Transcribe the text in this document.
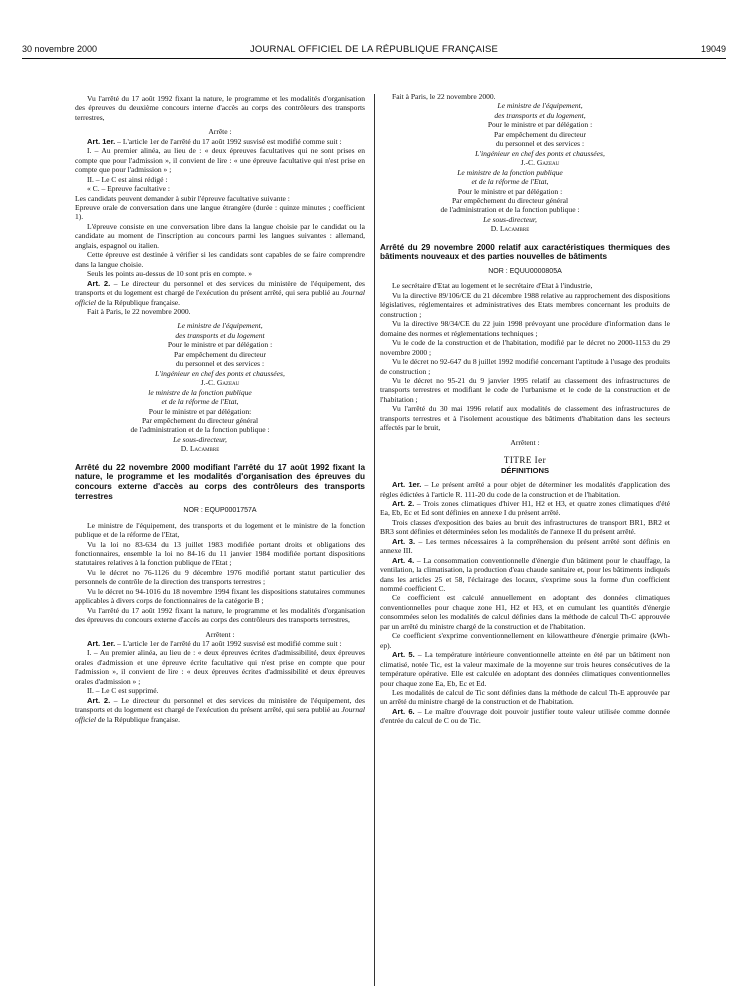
30 novembre 2000	JOURNAL OFFICIEL DE LA RÉPUBLIQUE FRANÇAISE	19049

Vu l'arrêté du 17 août 1992 fixant la nature, le programme et les modalités d'organisation des épreuves du deuxième concours interne d'accès au corps des contrôleurs des transports terrestres,

Arrête :

Art. 1er. – L'article 1er de l'arrêté du 17 août 1992 susvisé est modifié comme suit :

I. – Au premier alinéa, au lieu de : « deux épreuves facultatives qui ne sont prises en compte que pour l'admission », il convient de lire : « une épreuve facultative qui n'est prise en compte que pour l'admission » ;

II. – Le C est ainsi rédigé :

« C. – Epreuve facultative :

Les candidats peuvent demander à subir l'épreuve facultative suivante :

Epreuve orale de conversation dans une langue étrangère (durée : quinze minutes ; coefficient 1).

L'épreuve consiste en une conversation libre dans la langue choisie par le candidat ou la candidate au moment de l'inscription au concours parmi les langues suivantes : allemand, anglais, espagnol ou italien.

Cette épreuve est destinée à vérifier si les candidats sont capables de se faire comprendre dans la langue choisie.

Seuls les points au-dessus de 10 sont pris en compte. »

Art. 2. – Le directeur du personnel et des services du ministère de l'équipement, des transports et du logement est chargé de l'exécution du présent arrêté, qui sera publié au Journal officiel de la République française.

Fait à Paris, le 22 novembre 2000.

Le ministre de l'équipement,

des transports et du logement

Pour le ministre et par délégation :

Par empêchement du directeur

du personnel et des services :

L'ingénieur en chef des ponts et chaussées,

J.-C. Gazeau

le ministre de la fonction publique

et de la réforme de l'Etat,

Pour le ministre et par délégation:

Par empêchement du directeur général

de l'administration et de la fonction publique :

Le sous-directeur,

D. Lacambre

Arrêté du 22 novembre 2000 modifiant l'arrêté du 17 août 1992 fixant la nature, le programme et les modalités d'organisation des épreuves du concours externe d'accès au corps des contrôleurs des transports terrestres

NOR : EQUP0001757A

Le ministre de l'équipement, des transports et du logement et le ministre de la fonction publique et de la réforme de l'Etat,

Vu la loi no 83-634 du 13 juillet 1983 modifiée portant droits et obligations des fonctionnaires, ensemble la loi no 84-16 du 11 janvier 1984 modifiée portant dispositions statutaires relatives à la fonction publique de l'Etat ;

Vu le décret no 76-1126 du 9 décembre 1976 modifié portant statut particulier des personnels de contrôle de la direction des transports terrestres ;

Vu le décret no 94-1016 du 18 novembre 1994 fixant les dispositions statutaires communes applicables à divers corps de fonctionnaires de la catégorie B ;

Vu l'arrêté du 17 août 1992 fixant la nature, le programme et les modalités d'organisation des épreuves du concours externe d'accès au corps des contrôleurs des transports terrestres,

Arrêtent :

Art. 1er. – L'article 1er de l'arrêté du 17 août 1992 susvisé est modifié comme suit :

I. – Au premier alinéa, au lieu de : « deux épreuves écrites d'admissibilité, deux épreuves orales d'admission et une épreuve écrite facultative qui n'est prise en compte que pour l'admission », il convient de lire : « deux épreuves écrites d'admissibilité et deux épreuves orales d'admission » ;

II. – Le C est supprimé.

Art. 2. – Le directeur du personnel et des services du ministère de l'équipement, des transports et du logement est chargé de l'exécution du présent arrêté, qui sera publié au Journal officiel de la République française.

Fait à Paris, le 22 novembre 2000.

Le ministre de l'équipement,

des transports et du logement,

Pour le ministre et par délégation :

Par empêchement du directeur

du personnel et des services :

L'ingénieur en chef des ponts et chaussées,

J.-C. Gazeau

Le ministre de la fonction publique

et de la réforme de l'Etat,

Pour le ministre et par délégation :

Par empêchement du directeur général

de l'administration et de la fonction publique :

Le sous-directeur,

D. Lacambre

Arrêté du 29 novembre 2000 relatif aux caractéristiques thermiques des bâtiments nouveaux et des parties nouvelles de bâtiments

NOR : EQUU0000805A

Le secrétaire d'Etat au logement et le secrétaire d'Etat à l'industrie,

Vu la directive 89/106/CE du 21 décembre 1988 relative au rapprochement des dispositions législatives, réglementaires et administratives des Etats membres concernant les produits de construction ;

Vu la directive 98/34/CE du 22 juin 1998 prévoyant une procédure d'information dans le domaine des normes et réglementations techniques ;

Vu le code de la construction et de l'habitation, modifié par le décret no 2000-1153 du 29 novembre 2000 ;

Vu le décret no 92-647 du 8 juillet 1992 modifié concernant l'aptitude à l'usage des produits de construction ;

Vu le décret no 95-21 du 9 janvier 1995 relatif au classement des infrastructures de transports terrestres et modifiant le code de l'urbanisme et le code de la construction et de l'habitation ;

Vu l'arrêté du 30 mai 1996 relatif aux modalités de classement des infrastructures de transports terrestres et à l'isolement acoustique des bâtiments d'habitation dans les secteurs affectés par le bruit,

Arrêtent :

TITRE Ier

DÉFINITIONS

Art. 1er. – Le présent arrêté a pour objet de déterminer les modalités d'application des règles édictées à l'article R. 111-20 du code de la construction et de l'habitation.

Art. 2. – Trois zones climatiques d'hiver H1, H2 et H3, et quatre zones climatiques d'été Ea, Eb, Ec et Ed sont définies en annexe I du présent arrêté.

Trois classes d'exposition des baies au bruit des infrastructures de transport BR1, BR2 et BR3 sont définies et déterminées selon les modalités de l'annexe II du présent arrêté.

Art. 3. – Les termes nécessaires à la compréhension du présent arrêté sont définis en annexe III.

Art. 4. – La consommation conventionnelle d'énergie d'un bâtiment pour le chauffage, la ventilation, la climatisation, la production d'eau chaude sanitaire et, pour les bâtiments indiqués dans les articles 25 et 58, l'éclairage des locaux, s'exprime sous la forme d'un coefficient nommé coefficient C.

Ce coefficient est calculé annuellement en adoptant des données climatiques conventionnelles pour chaque zone H1, H2 et H3, et en cumulant les quantités d'énergie consommées selon les modalités de calcul définies dans la méthode de calcul Th-C approuvée par un arrêté du ministre chargé de la construction et de l'habitation.

Ce coefficient s'exprime conventionnellement en kilowattheure d'énergie primaire (kWh-ep).

Art. 5. – La température intérieure conventionnelle atteinte en été par un bâtiment non climatisé, notée Tic, est la valeur maximale de la moyenne sur trois heures consécutives de la température opérative. Elle est calculée en adoptant des données climatiques conventionnelles pour chaque zone Ea, Eb, Ec et Ed.

Les modalités de calcul de Tic sont définies dans la méthode de calcul Th-E approuvée par un arrêté du ministre chargé de la construction et de l'habitation.

Art. 6. – Le maître d'ouvrage doit pouvoir justifier toute valeur utilisée comme donnée d'entrée du calcul de C ou de Tic.
